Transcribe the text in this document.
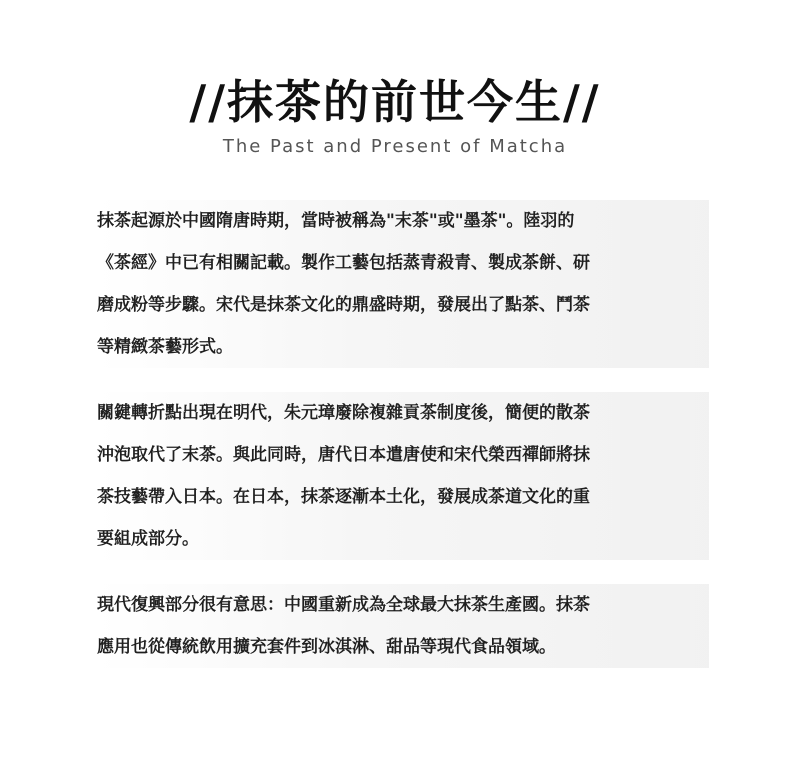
//抹茶的前世今生//
The Past and Present of Matcha
抹茶起源於中國隋唐時期，當時被稱為"末茶"或"墨茶"。陸羽的
《茶經》中已有相關記載。製作工藝包括蒸青殺青、製成茶餅、研
磨成粉等步驟。宋代是抹茶文化的鼎盛時期，發展出了點茶、鬥茶
等精緻茶藝形式。
關鍵轉折點出現在明代，朱元璋廢除複雜貢茶制度後，簡便的散茶
沖泡取代了末茶。與此同時，唐代日本遣唐使和宋代榮西禪師將抹
茶技藝帶入日本。在日本，抹茶逐漸本土化，發展成茶道文化的重
要組成部分。
現代復興部分很有意思：中國重新成為全球最大抹茶生產國。抹茶
應用也從傳統飲用擴充套件到冰淇淋、甜品等現代食品領域。
